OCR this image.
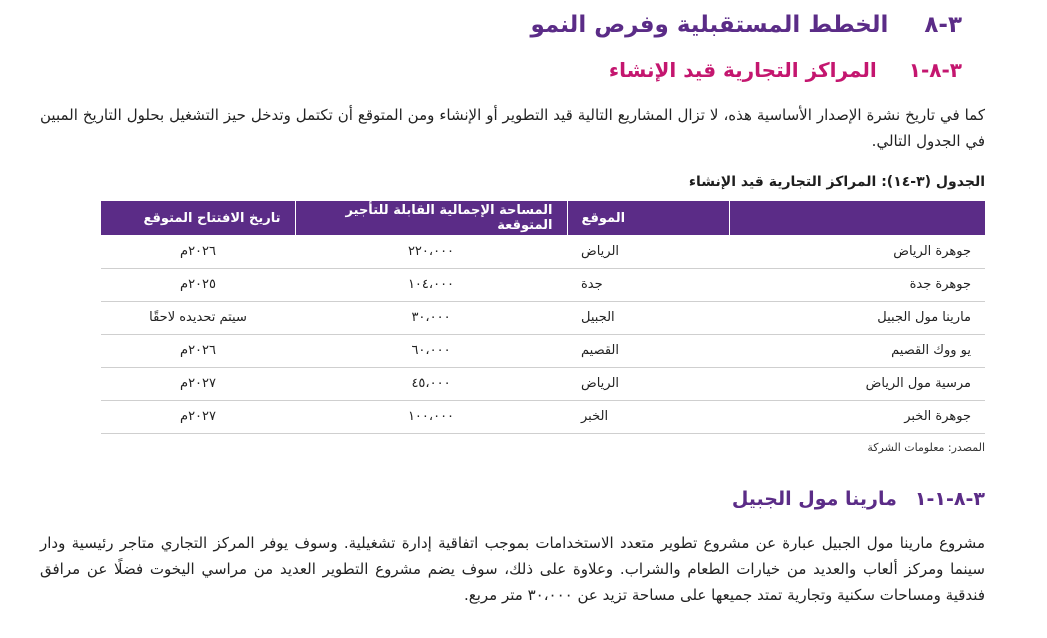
٣-٨
الخطط المستقبلية وفرص النمو
٣-٨-١
المراكز التجارية قيد الإنشاء

كما في تاريخ نشرة الإصدار الأساسية هذه، لا تزال المشاريع التالية قيد التطوير أو الإنشاء ومن المتوقع أن تكتمل وتدخل حيز التشغيل بحلول التاريخ المبين في الجدول التالي.

الجدول (٣-١٤): المراكز التجارية قيد الإنشاء
	الموقع	المساحة الإجمالية القابلة للتأجير المتوقعة	تاريخ الافتتاح المتوقع
جوهرة الرياض	الرياض	٢٢٠،٠٠٠	٢٠٢٦م
جوهرة جدة	جدة	١٠٤،٠٠٠	٢٠٢٥م
مارينا مول الجبيل	الجبيل	٣٠،٠٠٠	سيتم تحديده لاحقًا
يو ووك القصيم	القصيم	٦٠،٠٠٠	٢٠٢٦م
مرسية مول الرياض	الرياض	٤٥،٠٠٠	٢٠٢٧م
جوهرة الخبر	الخبر	١٠٠،٠٠٠	٢٠٢٧م
المصدر: معلومات الشركة
٣-٨-١-١
مارينا مول الجبيل

مشروع مارينا مول الجبيل عبارة عن مشروع تطوير متعدد الاستخدامات بموجب اتفاقية إدارة تشغيلية. وسوف يوفر المركز التجاري متاجر رئيسية ودار سينما ومركز ألعاب والعديد من خيارات الطعام والشراب. وعلاوة على ذلك، سوف يضم مشروع التطوير العديد من مراسي اليخوت فضلًا عن مرافق فندقية ومساحات سكنية وتجارية تمتد جميعها على مساحة تزيد عن ٣٠،٠٠٠ متر مربع.
